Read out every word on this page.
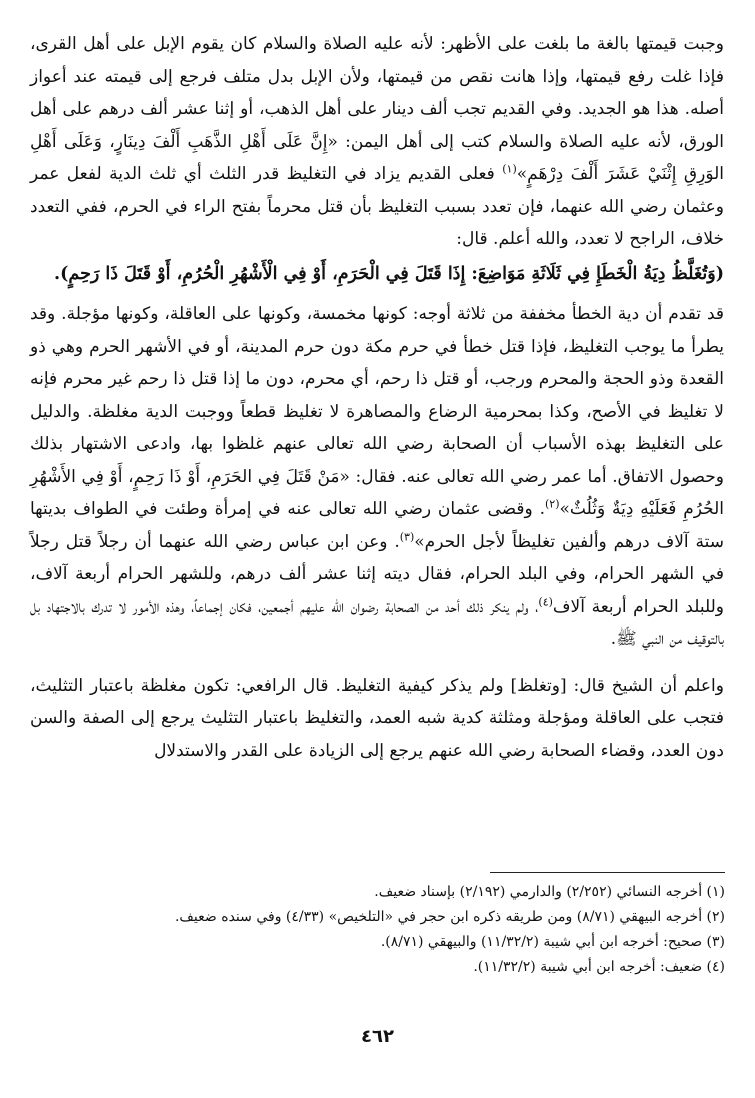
وجبت قيمتها بالغة ما بلغت على الأظهر: لأنه عليه الصلاة والسلام كان يقوم الإبل على أهل القرى، فإذا غلت رفع قيمتها، وإذا هانت نقص من قيمتها، ولأن الإبل بدل متلف فرجع إلى قيمته عند أعواز أصله. هذا هو الجديد. وفي القديم تجب ألف دينار على أهل الذهب، أو إثنا عشر ألف درهم على أهل الورق، لأنه عليه الصلاة والسلام كتب إلى أهل اليمن: «إِنَّ عَلَى أَهْلِ الذَّهَبِ أَلْفَ دِينَارٍ، وَعَلَى أَهْلِ الوَرِقِ إِثْنَيْ عَشَرَ أَلْفَ دِرْهَمٍ»$^{(١)}$ فعلى القديم يزاد في التغليظ قدر الثلث أي ثلث الدية لفعل عمر وعثمان رضي الله عنهما، فإن تعدد بسبب التغليظ بأن قتل محرماً بفتح الراء في الحرم، ففي التعدد خلاف، الراجح لا تعدد، والله أعلم. قال:

(وَتُغَلَّظُ دِيَةُ الْخَطَإِ فِي ثَلَاثَةِ مَوَاضِعَ: إِذَا قَتَلَ فِي الْحَرَمِ، أَوْ فِي الْأَشْهُرِ الْحُرُمِ، أَوْ قَتَلَ ذَا رَحِمٍ).

قد تقدم أن دية الخطأ مخففة من ثلاثة أوجه: كونها مخمسة، وكونها على العاقلة، وكونها مؤجلة. وقد يطرأ ما يوجب التغليظ، فإذا قتل خطأ في حرم مكة دون حرم المدينة، أو في الأشهر الحرم وهي ذو القعدة وذو الحجة والمحرم ورجب، أو قتل ذا رحم، أي محرم، دون ما إذا قتل ذا رحم غير محرم فإنه لا تغليظ في الأصح، وكذا بمحرمية الرضاع والمصاهرة لا تغليظ قطعاً ووجبت الدية مغلظة. والدليل على التغليظ بهذه الأسباب أن الصحابة رضي الله تعالى عنهم غلظوا بها، وادعى الاشتهار بذلك وحصول الاتفاق. أما عمر رضي الله تعالى عنه. فقال: «مَنْ قَتَلَ فِي الحَرَمِ، أَوْ ذَا رَحِمٍ، أَوْ فِي الأَشْهُرِ الحُرُمِ فَعَلَيْهِ دِيَةٌ وَثُلُثٌ»$^{(٢)}$. وقضى عثمان رضي الله تعالى عنه في إمرأة وطئت في الطواف بديتها ستة آلاف درهم وألفين تغليظاً لأجل الحرم»$^{(٣)}$. وعن ابن عباس رضي الله عنهما أن رجلاً قتل رجلاً في الشهر الحرام، وفي البلد الحرام، فقال ديته إثنا عشر ألف درهم، وللشهر الحرام أربعة آلاف، وللبلد الحرام أربعة آلاف$^{(٤)}$، ولم ينكر ذلك أحد من الصحابة رضوان الله عليهم أجمعين، فكان إجماعاً، وهذه الأمور لا تدرك بالاجتهاد بل بالتوقيف من النبي ﷺ.

واعلم أن الشيخ قال: [وتغلظ] ولم يذكر كيفية التغليظ. قال الرافعي: تكون مغلظة باعتبار التثليث، فتجب على العاقلة ومؤجلة ومثلثة كدية شبه العمد، والتغليظ باعتبار التثليث يرجع إلى الصفة والسن دون العدد، وقضاء الصحابة رضي الله عنهم يرجع إلى الزيادة على القدر والاستدلال

(١) أخرجه النسائي (٢/٢٥٢) والدارمي (٢/١٩٢) بإسناد ضعيف.
(٢) أخرجه البيهقي (٨/٧١) ومن طريقه ذكره ابن حجر في «التلخيص» (٤/٣٣) وفي سنده ضعيف.
(٣) صحيح: أخرجه ابن أبي شيبة (١١/٣٢/٢) والبيهقي (٨/٧١).
(٤) ضعيف: أخرجه ابن أبي شيبة (١١/٣٢/٢).
٤٦٢
